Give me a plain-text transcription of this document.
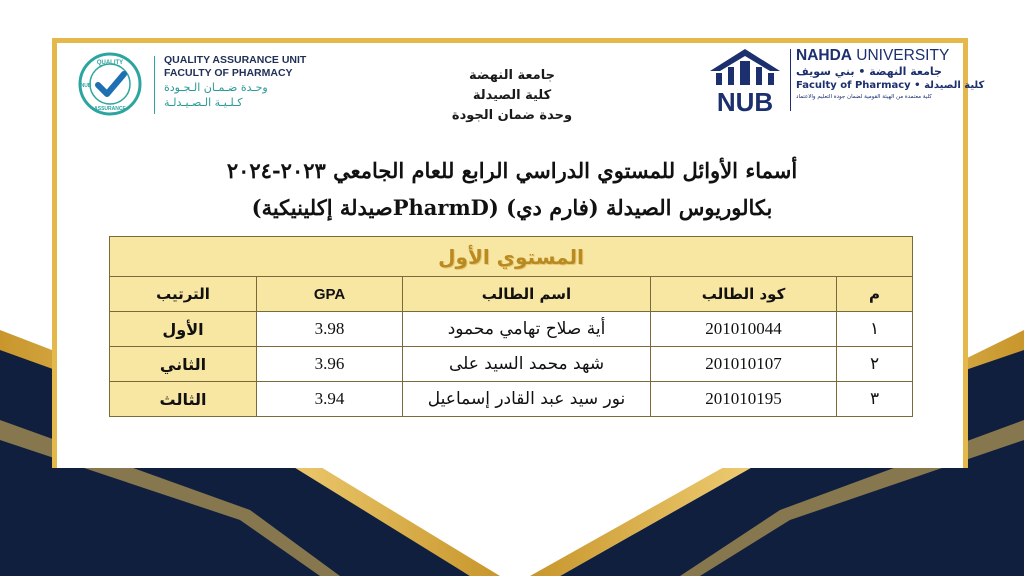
QUALITY
ASSURANCE
NUB
QUALITY ASSURANCE UNIT
FACULTY OF PHARMACY
وحـدة ضـمـان الـجـودة
كـلـيـة الـصـيـدلـة	NUB
NAHDA UNIVERSITY
جامعة النهضة • بني سويف
Faculty of Pharmacy • كلية الصيدلة
كلية معتمدة من الهيئة القومية لضمان جودة التعليم والاعتماد
جامعة النهضة
كلية الصيدلة
وحدة ضمان الجودة
أسماء الأوائل للمستوي الدراسي الرابع للعام الجامعي ٢٠٢٣-٢٠٢٤
بكالوريوس الصيدلة (فارم دي) (PharmDصيدلة إكلينيكية)
المستوي الأول				
م	كود الطالب	اسم الطالب	GPA	الترتيب
١	201010044	أية صلاح تهامي محمود	3.98	الأول
٢	201010107	شهد محمد السيد على	3.96	الثاني
٣	201010195	نور سيد عبد القادر إسماعيل	3.94	الثالث
